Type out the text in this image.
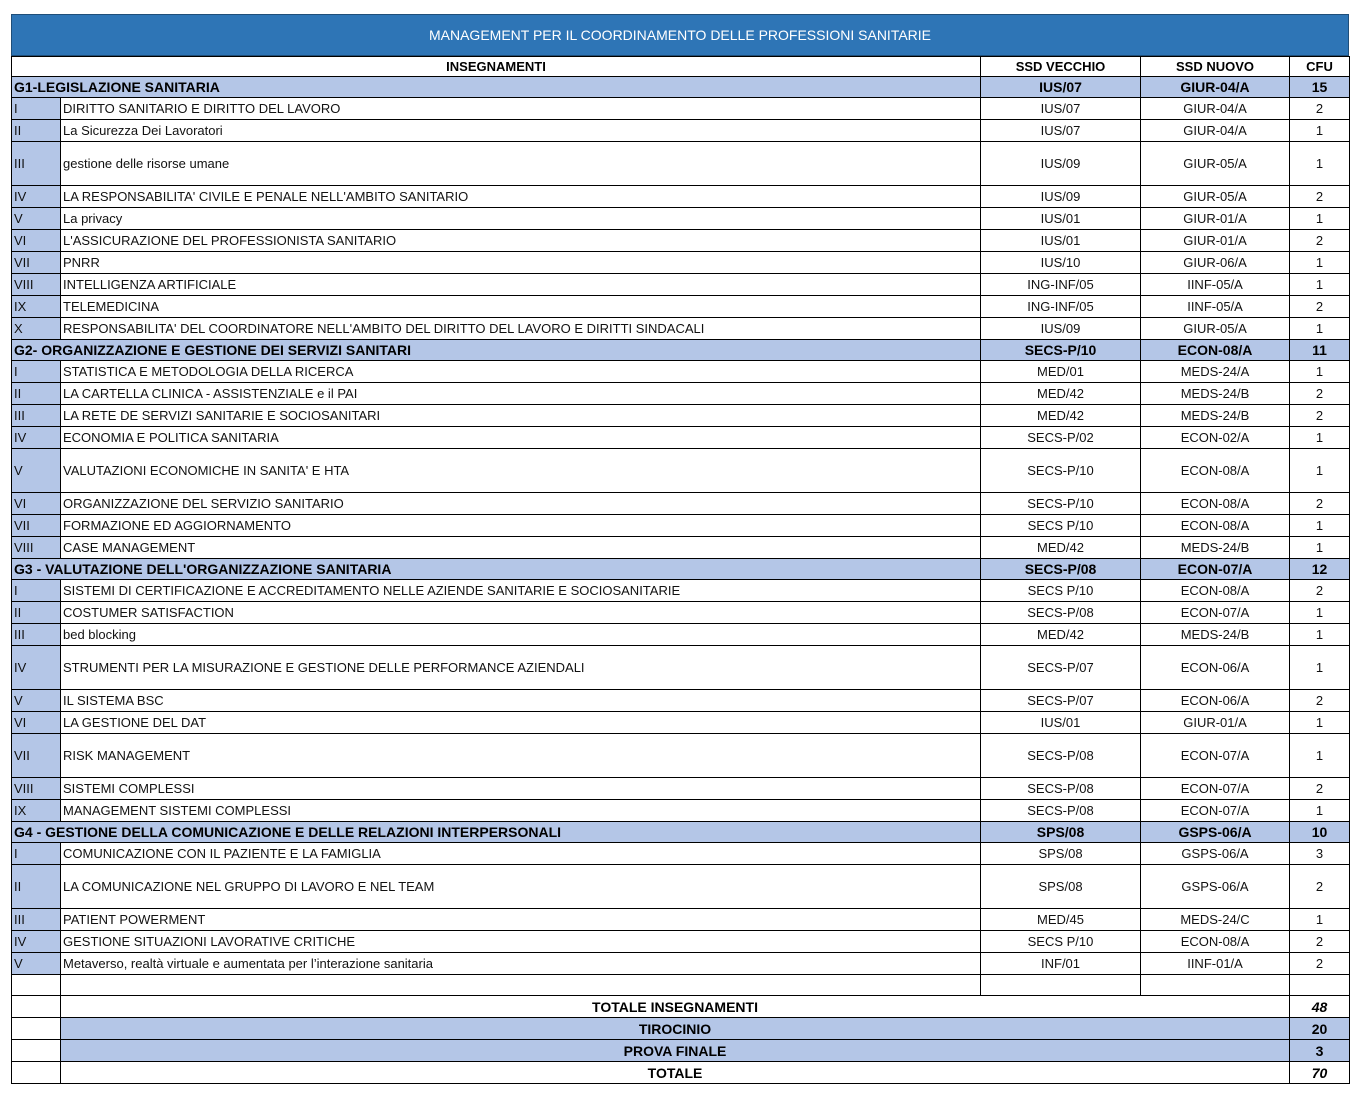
MANAGEMENT PER IL COORDINAMENTO DELLE PROFESSIONI SANITARIE
INSEGNAMENTI		SSD VECCHIO	SSD NUOVO	CFU
G1-LEGISLAZIONE SANITARIA		IUS/07	GIUR-04/A	15
I	DIRITTO SANITARIO E DIRITTO DEL LAVORO	IUS/07	GIUR-04/A	2
II	La Sicurezza Dei Lavoratori	IUS/07	GIUR-04/A	1
III	gestione delle risorse umane	IUS/09	GIUR-05/A	1
IV	LA RESPONSABILITA' CIVILE E PENALE NELL'AMBITO SANITARIO	IUS/09	GIUR-05/A	2
V	La privacy	IUS/01	GIUR-01/A	1
VI	L'ASSICURAZIONE DEL PROFESSIONISTA SANITARIO	IUS/01	GIUR-01/A	2
VII	PNRR	IUS/10	GIUR-06/A	1
VIII	INTELLIGENZA ARTIFICIALE	ING-INF/05	IINF-05/A	1
IX	TELEMEDICINA	ING-INF/05	IINF-05/A	2
X	RESPONSABILITA' DEL COORDINATORE NELL'AMBITO DEL DIRITTO DEL LAVORO E DIRITTI SINDACALI	IUS/09	GIUR-05/A	1
G2- ORGANIZZAZIONE E GESTIONE DEI SERVIZI SANITARI		SECS-P/10	ECON-08/A	11
I	STATISTICA E METODOLOGIA DELLA RICERCA	MED/01	MEDS-24/A	1
II	LA CARTELLA CLINICA - ASSISTENZIALE e il PAI	MED/42	MEDS-24/B	2
III	LA RETE DE SERVIZI SANITARIE E SOCIOSANITARI	MED/42	MEDS-24/B	2
IV	ECONOMIA E POLITICA SANITARIA	SECS-P/02	ECON-02/A	1
V	VALUTAZIONI ECONOMICHE IN SANITA' E HTA	SECS-P/10	ECON-08/A	1
VI	ORGANIZZAZIONE DEL SERVIZIO SANITARIO	SECS-P/10	ECON-08/A	2
VII	FORMAZIONE ED AGGIORNAMENTO	SECS P/10	ECON-08/A	1
VIII	CASE MANAGEMENT	MED/42	MEDS-24/B	1
G3 - VALUTAZIONE DELL'ORGANIZZAZIONE SANITARIA		SECS-P/08	ECON-07/A	12
I	SISTEMI DI CERTIFICAZIONE E ACCREDITAMENTO NELLE AZIENDE SANITARIE E SOCIOSANITARIE	SECS P/10	ECON-08/A	2
II	COSTUMER SATISFACTION	SECS-P/08	ECON-07/A	1
III	bed blocking	MED/42	MEDS-24/B	1
IV	STRUMENTI PER LA MISURAZIONE E GESTIONE DELLE PERFORMANCE AZIENDALI	SECS-P/07	ECON-06/A	1
V	IL SISTEMA BSC	SECS-P/07	ECON-06/A	2
VI	LA GESTIONE DEL DAT	IUS/01	GIUR-01/A	1
VII	RISK MANAGEMENT	SECS-P/08	ECON-07/A	1
VIII	SISTEMI COMPLESSI	SECS-P/08	ECON-07/A	2
IX	MANAGEMENT SISTEMI COMPLESSI	SECS-P/08	ECON-07/A	1
G4 - GESTIONE DELLA COMUNICAZIONE E DELLE RELAZIONI INTERPERSONALI		SPS/08	GSPS-06/A	10
I	COMUNICAZIONE CON IL PAZIENTE E LA FAMIGLIA	SPS/08	GSPS-06/A	3
II	LA COMUNICAZIONE NEL GRUPPO DI LAVORO E NEL TEAM	SPS/08	GSPS-06/A	2
III	PATIENT POWERMENT	MED/45	MEDS-24/C	1
IV	GESTIONE SITUAZIONI LAVORATIVE CRITICHE	SECS P/10	ECON-08/A	2
V	Metaverso, realtà virtuale e aumentata per l’interazione sanitaria	INF/01	IINF-01/A	2

	TOTALE INSEGNAMENTI			48
	TIROCINIO			20
	PROVA FINALE			3
	TOTALE			70
